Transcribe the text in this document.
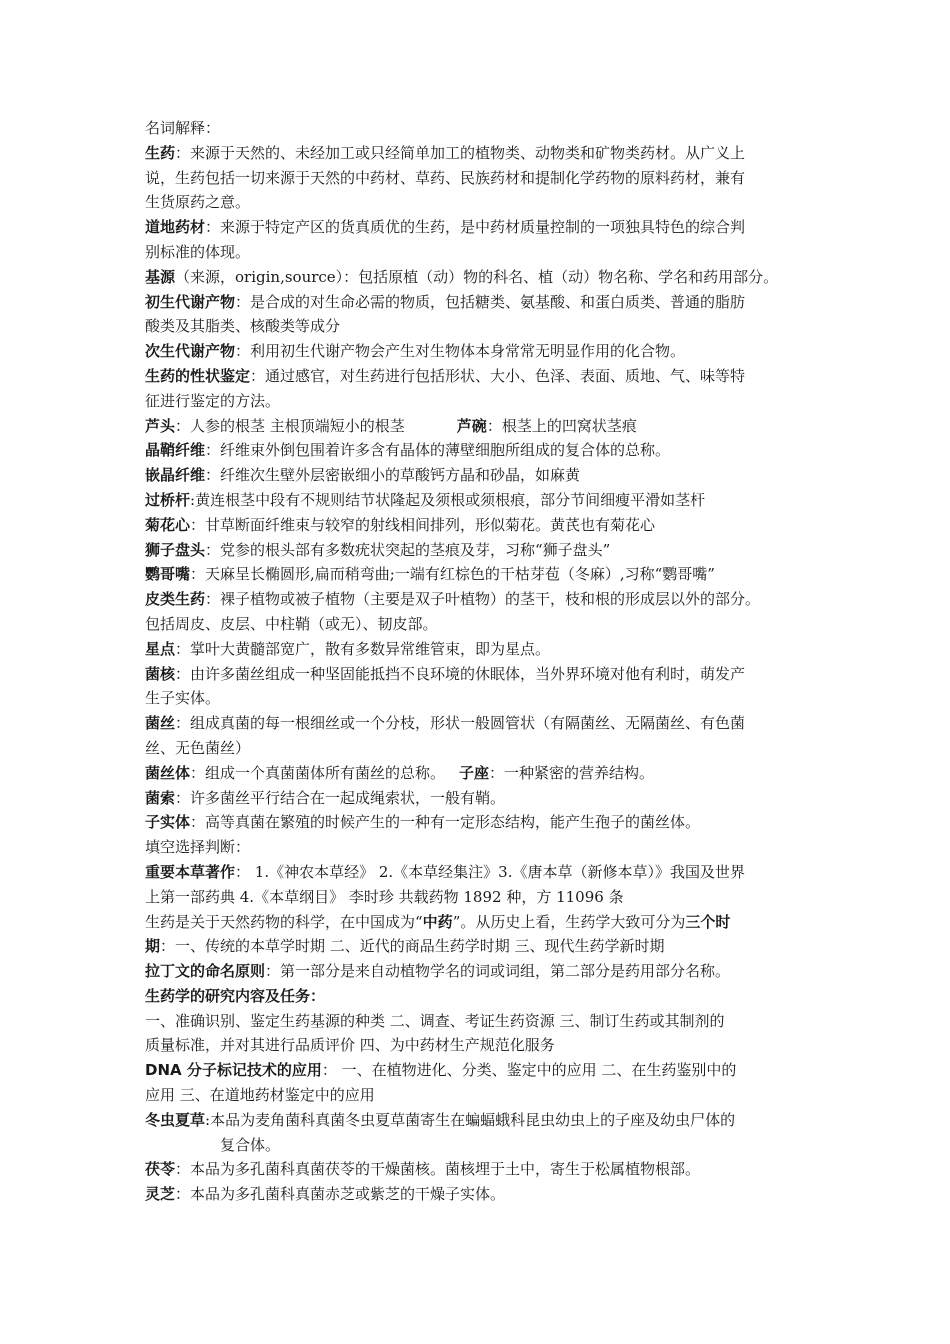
名词解释：
生药：来源于天然的、未经加工或只经简单加工的植物类、动物类和矿物类药材。从广义上
说，生药包括一切来源于天然的中药材、草药、民族药材和提制化学药物的原料药材，兼有
生货原药之意。
道地药材：来源于特定产区的货真质优的生药，是中药材质量控制的一项独具特色的综合判
别标准的体现。
基源（来源，origin,source）：包括原植（动）物的科名、植（动）物名称、学名和药用部分。
初生代谢产物：是合成的对生命必需的物质，包括糖类、氨基酸、和蛋白质类、普通的脂肪
酸类及其脂类、核酸类等成分
次生代谢产物：利用初生代谢产物会产生对生物体本身常常无明显作用的化合物。
生药的性状鉴定：通过感官，对生药进行包括形状、大小、色泽、表面、质地、气、味等特
征进行鉴定的方法。
芦头：人参的根茎 主根顶端短小的根茎	芦碗：根茎上的凹窝状茎痕
晶鞘纤维：纤维束外倒包围着许多含有晶体的薄壁细胞所组成的复合体的总称。
嵌晶纤维：纤维次生壁外层密嵌细小的草酸钙方晶和砂晶，如麻黄
过桥杆:黄连根茎中段有不规则结节状隆起及须根或须根痕，部分节间细瘦平滑如茎杆
菊花心：甘草断面纤维束与较窄的射线相间排列，形似菊花。黄芪也有菊花心
狮子盘头：党参的根头部有多数疣状突起的茎痕及芽，习称“狮子盘头”
鹦哥嘴：天麻呈长椭圆形,扁而稍弯曲;一端有红棕色的干枯芽苞（冬麻）,习称“鹦哥嘴”
皮类生药：裸子植物或被子植物（主要是双子叶植物）的茎干，枝和根的形成层以外的部分。
包括周皮、皮层、中柱鞘（或无）、韧皮部。
星点：掌叶大黄髓部宽广，散有多数异常维管束，即为星点。
菌核：由许多菌丝组成一种坚固能抵挡不良环境的休眠体，当外界环境对他有利时，萌发产
生子实体。
菌丝：组成真菌的每一根细丝或一个分枝，形状一般圆管状（有隔菌丝、无隔菌丝、有色菌
丝、无色菌丝）
菌丝体：组成一个真菌菌体所有菌丝的总称。 子座：一种紧密的营养结构。
菌索：许多菌丝平行结合在一起成绳索状，一般有鞘。
子实体：高等真菌在繁殖的时候产生的一种有一定形态结构，能产生孢子的菌丝体。
填空选择判断：
重要本草著作： 1.《神农本草经》 2.《本草经集注》3.《唐本草（新修本草）》我国及世界
上第一部药典 4.《本草纲目》 李时珍 共载药物 1892 种，方 11096 条
生药是关于天然药物的科学，在中国成为“中药”。从历史上看，生药学大致可分为三个时
期：一、传统的本草学时期 二、近代的商品生药学时期 三、现代生药学新时期
拉丁文的命名原则：第一部分是来自动植物学名的词或词组，第二部分是药用部分名称。
生药学的研究内容及任务：
一、准确识别、鉴定生药基源的种类 二、调查、考证生药资源 三、制订生药或其制剂的
质量标准，并对其进行品质评价 四、为中药材生产规范化服务
DNA 分子标记技术的应用： 一、在植物进化、分类、鉴定中的应用 二、在生药鉴别中的
应用 三、在道地药材鉴定中的应用
冬虫夏草:本品为麦角菌科真菌冬虫夏草菌寄生在蝙蝠蛾科昆虫幼虫上的子座及幼虫尸体的
复合体。
茯苓：本品为多孔菌科真菌茯苓的干燥菌核。菌核埋于土中，寄生于松属植物根部。
灵芝：本品为多孔菌科真菌赤芝或紫芝的干燥子实体。
